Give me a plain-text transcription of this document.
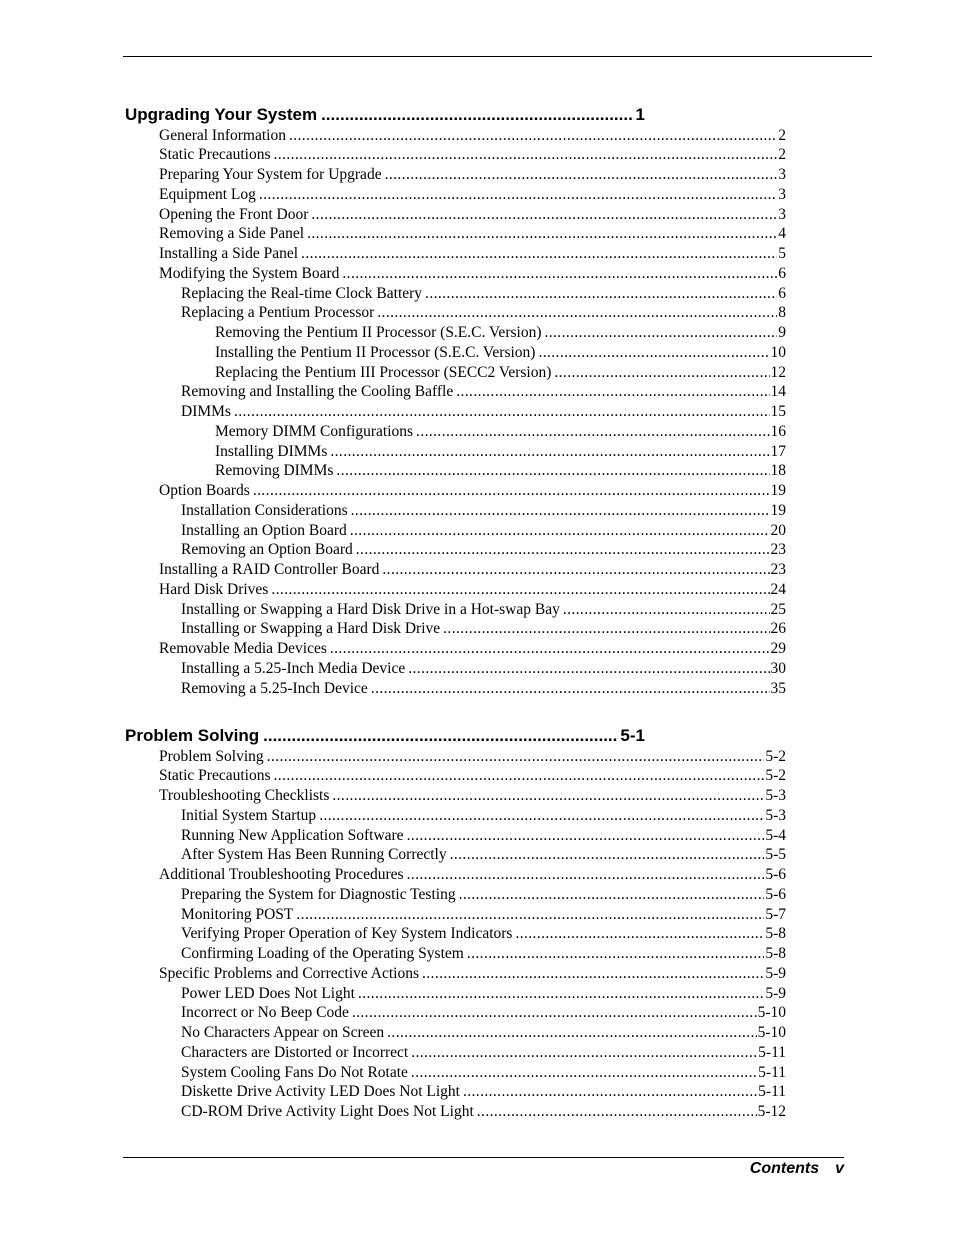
Upgrading Your System .....	1
General Information .....	2
Static Precautions .....	2
Preparing Your System for Upgrade .....	3
Equipment Log .....	3
Opening the Front Door .....	3
Removing a Side Panel .....	4
Installing a Side Panel .....	5
Modifying the System Board .....	6
Replacing the Real-time Clock Battery .....	6
Replacing a Pentium Processor .....	8
Removing the Pentium II Processor (S.E.C. Version) .....	9
Installing the Pentium II Processor (S.E.C. Version) .....	10
Replacing the Pentium III Processor (SECC2 Version) .....	12
Removing and Installing the Cooling Baffle .....	14
DIMMs .....	15
Memory DIMM Configurations .....	16
Installing DIMMs .....	17
Removing DIMMs .....	18
Option Boards .....	19
Installation Considerations .....	19
Installing an Option Board .....	20
Removing an Option Board .....	23
Installing a RAID Controller Board .....	23
Hard Disk Drives .....	24
Installing or Swapping a Hard Disk Drive in a Hot-swap Bay .....	25
Installing or Swapping a Hard Disk Drive .....	26
Removable Media Devices .....	29
Installing a 5.25-Inch Media Device .....	30
Removing a 5.25-Inch Device .....	35
Problem Solving .....	5-1
Problem Solving .....	5-2
Static Precautions .....	5-2
Troubleshooting Checklists .....	5-3
Initial System Startup .....	5-3
Running New Application Software .....	5-4
After System Has Been Running Correctly .....	5-5
Additional Troubleshooting Procedures .....	5-6
Preparing the System for Diagnostic Testing .....	5-6
Monitoring POST .....	5-7
Verifying Proper Operation of Key System Indicators .....	5-8
Confirming Loading of the Operating System .....	5-8
Specific Problems and Corrective Actions .....	5-9
Power LED Does Not Light .....	5-9
Incorrect or No Beep Code .....	5-10
No Characters Appear on Screen .....	5-10
Characters are Distorted or Incorrect .....	5-11
System Cooling Fans Do Not Rotate .....	5-11
Diskette Drive Activity LED Does Not Light .....	5-11
CD-ROM Drive Activity Light Does Not Light .....	5-12
Contents v
